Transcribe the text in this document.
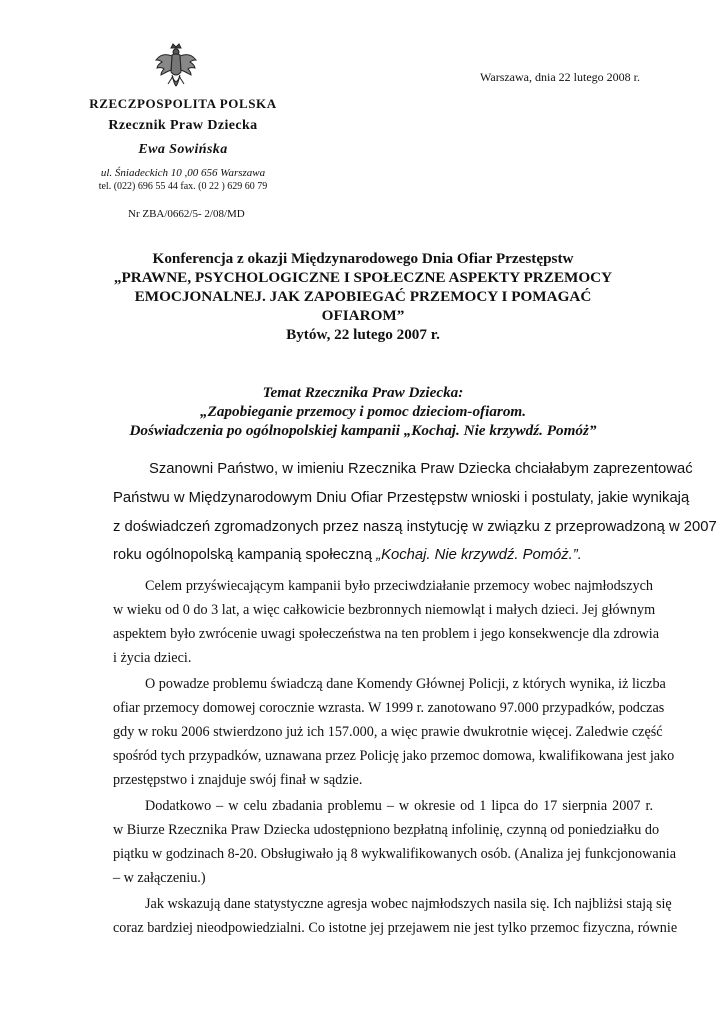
Warszawa, dnia 22 lutego 2008 r.
RZECZPOSPOLITA POLSKA
Rzecznik Praw Dziecka
Ewa Sowińska
ul. Śniadeckich 10 ,00 656 Warszawa
tel. (022) 696 55 44 fax. (0 22 ) 629 60 79
Nr ZBA/0662/5- 2/08/MD
Konferencja z okazji Międzynarodowego Dnia Ofiar Przestępstw
„PRAWNE, PSYCHOLOGICZNE I SPOŁECZNE ASPEKTY PRZEMOCY
EMOCJONALNEJ. JAK ZAPOBIEGAĆ PRZEMOCY I POMAGAĆ
OFIAROM”
Bytów, 22 lutego 2007 r.
Temat Rzecznika Praw Dziecka:
„Zapobieganie przemocy i pomoc dzieciom-ofiarom.
Doświadczenia po ogólnopolskiej kampanii „Kochaj. Nie krzywdź. Pomóż”
Szanowni Państwo, w imieniu Rzecznika Praw Dziecka chciałabym zaprezentować
Państwu w Międzynarodowym Dniu Ofiar Przestępstw wnioski i postulaty, jakie wynikają
z doświadczeń zgromadzonych przez naszą instytucję w związku z przeprowadzoną w 2007
roku ogólnopolską kampanią społeczną „Kochaj. Nie krzywdź. Pomóż.”.
Celem przyświecającym kampanii było przeciwdziałanie przemocy wobec najmłodszych
w wieku od 0 do 3 lat, a więc całkowicie bezbronnych niemowląt i małych dzieci. Jej głównym
aspektem było zwrócenie uwagi społeczeństwa na ten problem i jego konsekwencje dla zdrowia
i życia dzieci.
O powadze problemu świadczą dane Komendy Głównej Policji, z których wynika, iż liczba
ofiar przemocy domowej corocznie wzrasta. W 1999 r. zanotowano 97.000 przypadków, podczas
gdy w roku 2006 stwierdzono już ich 157.000, a więc prawie dwukrotnie więcej. Zaledwie część
spośród tych przypadków, uznawana przez Policję jako przemoc domowa, kwalifikowana jest jako
przestępstwo i znajduje swój finał w sądzie.
Dodatkowo – w celu zbadania problemu – w okresie od 1 lipca do 17 sierpnia 2007 r.
w Biurze Rzecznika Praw Dziecka udostępniono bezpłatną infolinię, czynną od poniedziałku do
piątku w godzinach 8-20. Obsługiwało ją 8 wykwalifikowanych osób. (Analiza jej funkcjonowania
– w załączeniu.)
Jak wskazują dane statystyczne agresja wobec najmłodszych nasila się. Ich najbliżsi stają się
coraz bardziej nieodpowiedzialni. Co istotne jej przejawem nie jest tylko przemoc fizyczna, równie
